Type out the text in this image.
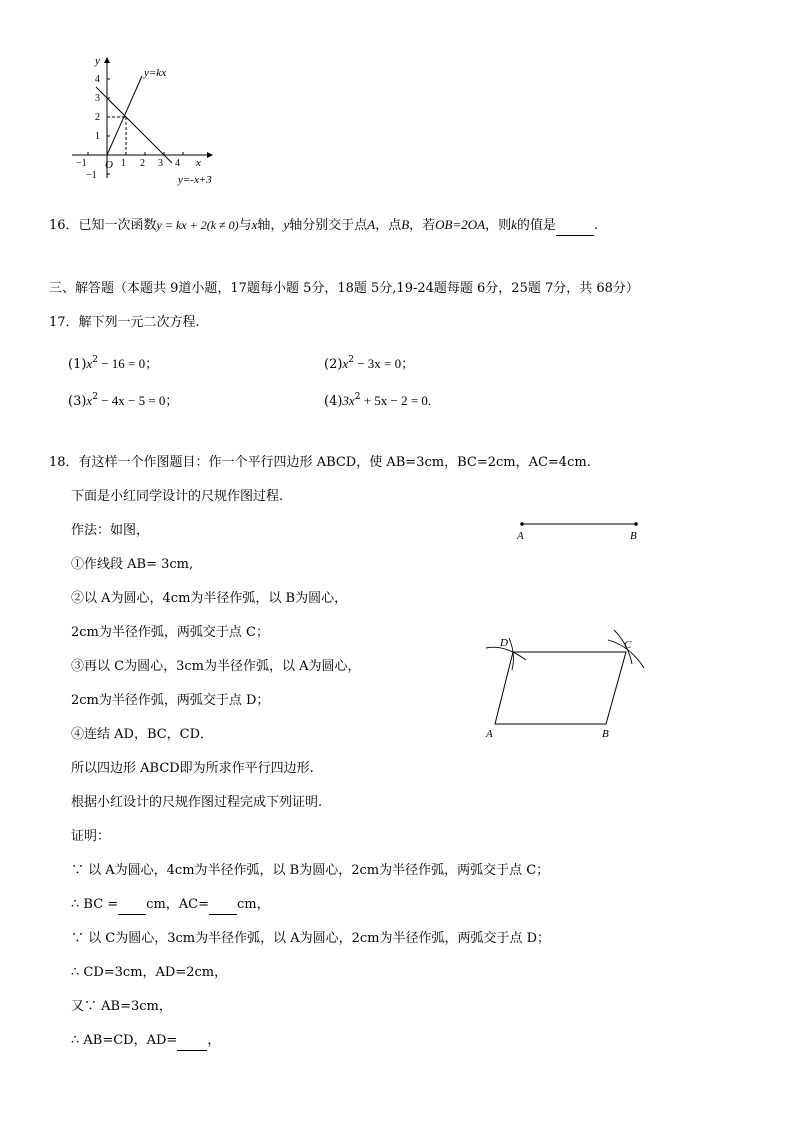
y
x
O
y=kx
y=-x+3
−1	1 2 3 4
4
3
2
1
−1
16．已知一次函数y = kx + 2(k ≠ 0)与x轴，y轴分别交于点A，点B，若OB=2OA，则k的值是	.
三、解答题（本题共 9道小题，17题每小题 5分，18题 5分,19-24题每题 6分，25题 7分，共 68分）
17．解下列一元二次方程.
$(1)x^2 - 16 = 0$；	$(2)x^2 - 3x = 0$；
$(3)x^2 - 4x - 5 = 0$；	$(4)3x^2 + 5x - 2 = 0$.
18．有这样一个作图题目：作一个平行四边形 ABCD，使 AB=3cm，BC=2cm，AC=4cm.
下面是小红同学设计的尺规作图过程.
作法：如图，
①作线段 AB= 3cm,
②以 A为圆心，4cm为半径作弧，以 B为圆心，
2cm为半径作弧，两弧交于点 C；
③再以 C为圆心，3cm为半径作弧，以 A为圆心，
2cm为半径作弧，两弧交于点 D；
④连结 AD，BC，CD．
所以四边形 ABCD即为所求作平行四边形.
根据小红设计的尺规作图过程完成下列证明.
证明：
∵ 以 A为圆心，4cm为半径作弧，以 B为圆心，2cm为半径作弧，两弧交于点 C；
∴ BC = cm，AC= cm，
∵ 以 C为圆心，3cm为半径作弧，以 A为圆心，2cm为半径作弧，两弧交于点 D；
∴ CD=3cm，AD=2cm，
又∵ AB=3cm，
∴ AB=CD，AD= ，
A	B
D	C
A	B
